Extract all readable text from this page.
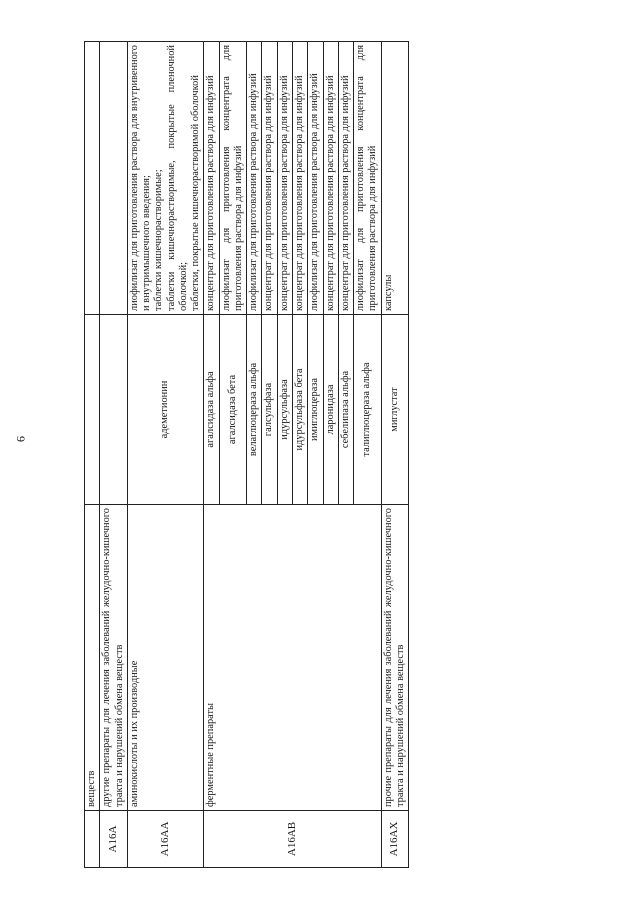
9
	веществ		
A16A	другие препараты для лечения заболеваний желудочно-кишечного тракта и нарушений обмена веществ		
A16AA	аминокислоты и их производные	адеметионин	лиофилизат для приготовления раствора для внутривенного и внутримышечного введения; таблетки кишечнорастворимые; таблетки кишечнорастворимые, покрытые пленочной оболочкой; таблетки, покрытые кишечнорастворимой оболочкой

A16AB	ферментные препараты	агалсидаза альфа	концентрат для приготовления раствора для инфузий

		агалсидаза бета	лиофилизат для приготовления концентрата для приготовления раствора для инфузий

		велаглюцераза альфа	лиофилизат для приготовления раствора для инфузий

		галсульфаза	концентрат для приготовления раствора для инфузий

		идурсульфаза	концентрат для приготовления раствора для инфузий

		идурсульфаза бета	концентрат для приготовления раствора для инфузий

		имиглюцераза	лиофилизат для приготовления раствора для инфузий

		ларонидаза	концентрат для приготовления раствора для инфузий

		себелипаза альфа	концентрат для приготовления раствора для инфузий

		талиглюцераза альфа	лиофилизат для приготовления концентрата для приготовления раствора для инфузий

A16AX	прочие препараты для лечения заболеваний желудочно-кишечного тракта и нарушений обмена веществ	миглустат	капсулы
